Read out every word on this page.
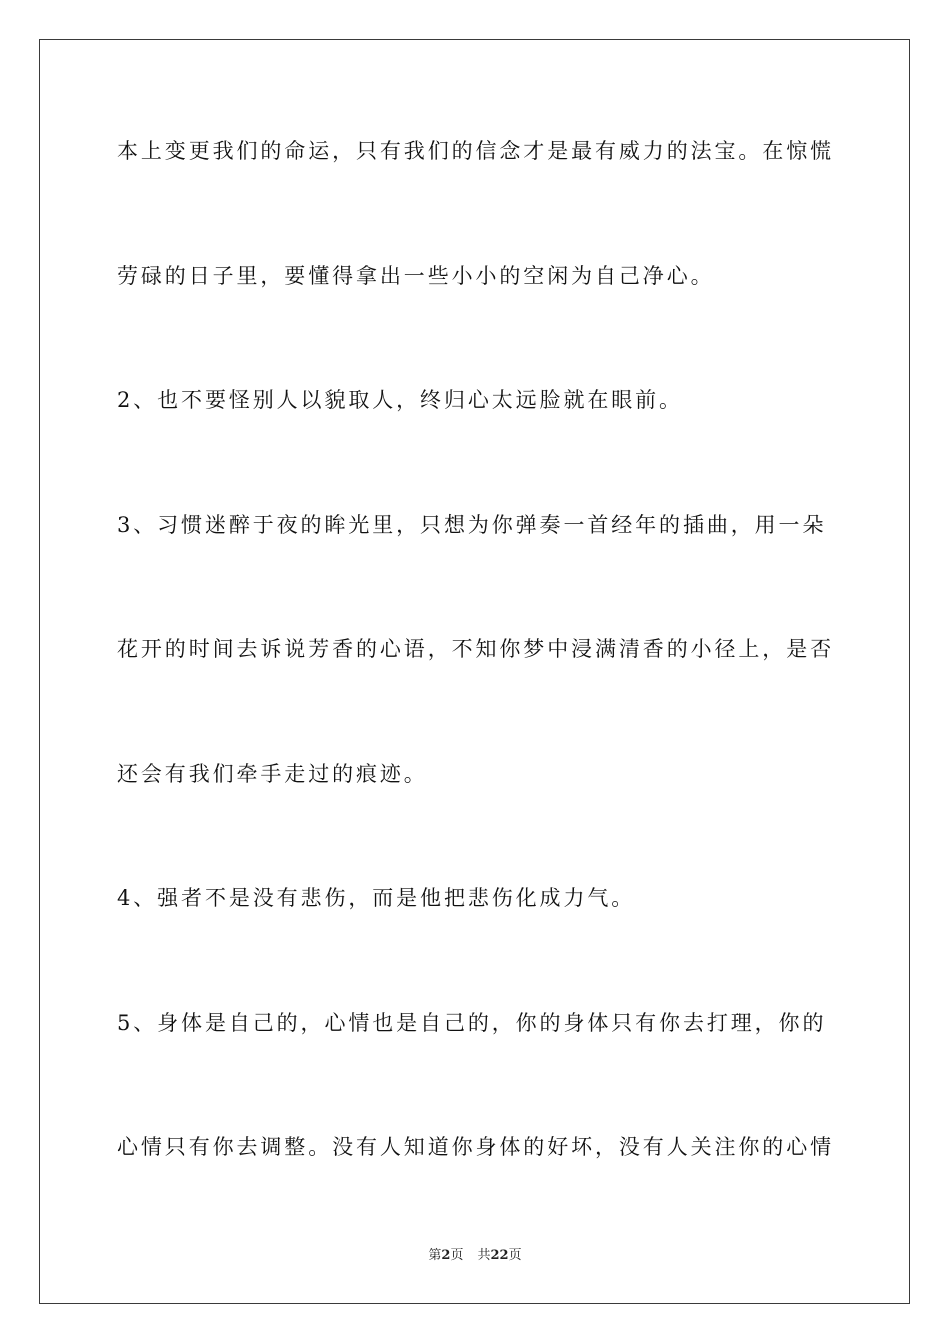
本上变更我们的命运，只有我们的信念才是最有威力的法宝。在惊慌
劳碌的日子里，要懂得拿出一些小小的空闲为自己净心。
2、也不要怪别人以貌取人，终归心太远脸就在眼前。
3、习惯迷醉于夜的眸光里，只想为你弹奏一首经年的插曲，用一朵
花开的时间去诉说芳香的心语，不知你梦中浸满清香的小径上，是否
还会有我们牵手走过的痕迹。
4、强者不是没有悲伤，而是他把悲伤化成力气。
5、身体是自己的，心情也是自己的，你的身体只有你去打理，你的
心情只有你去调整。没有人知道你身体的好坏，没有人关注你的心情
第2页 共22页
